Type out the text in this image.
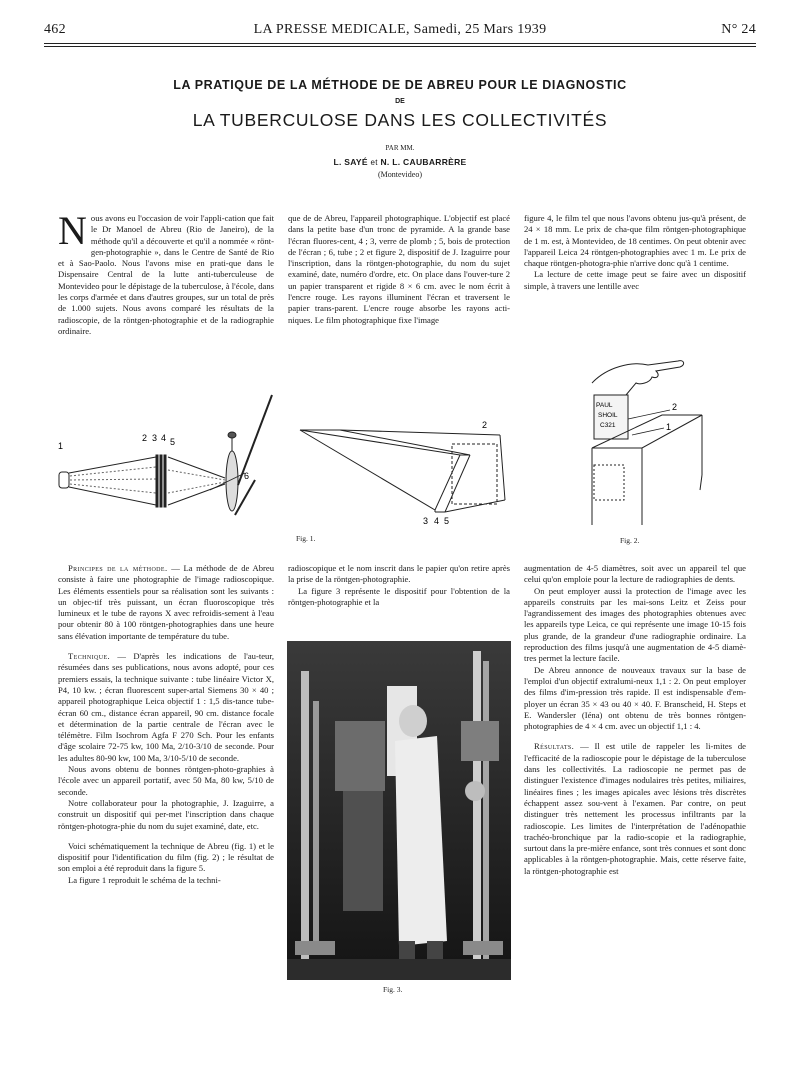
462	LA PRESSE MEDICALE, Samedi, 25 Mars 1939	N° 24
LA PRATIQUE DE LA MÉTHODE DE DE ABREU POUR LE DIAGNOSTIC
DE
LA TUBERCULOSE DANS LES COLLECTIVITÉS
PAR MM.
L. SAYÉ et N. L. CAUBARRÈRE
(Montevideo)

Nous avons eu l'occasion de voir l'appli-cation que fait le Dr Manoel de Abreu (Rio de Janeiro), de la méthode qu'il a découverte et qu'il a nommée « rönt-gen-photographie », dans le Centre de Santé de Rio et à Sao-Paolo. Nous l'avons mise en prati-que dans le Dispensaire Central de la lutte anti-tuberculeuse de Montevideo pour le dépistage de la tuberculose, à l'école, dans les corps d'armée et dans d'autres groupes, sur un total de près de 1.000 sujets. Nous avons comparé les résultats de la radioscopie, de la röntgen-photographie et de la radiographie ordinaire.

que de de Abreu, l'appareil photographique. L'objectif est placé dans la petite base d'un tronc de pyramide. A la grande base l'écran fluores-cent, 4 ; 3, verre de plomb ; 5, bois de protection de l'écran ; 6, tube ; 2 et figure 2, dispositif de J. Izaguirre pour l'inscription, dans la röntgen-photographie, du nom du sujet examiné, date, numéro d'ordre, etc. On place dans l'ouver-ture 2 un papier transparent et rigide 8 × 6 cm. avec le nom écrit à l'encre rouge. Les rayons illuminent l'écran et traversent le papier trans-parent. L'encre rouge absorbe les rayons acti-niques. Le film photographique fixe l'image

figure 4, le film tel que nous l'avons obtenu jus-qu'à présent, de 24 × 18 mm. Le prix de cha-que film röntgen-photographique de 1 m. est, à Montevideo, de 18 centimes. On peut obtenir avec l'appareil Leica 24 röntgen-photographies avec 1 m. Le prix de chaque röntgen-photogra-phie n'arrive donc qu'à 1 centime.

La lecture de cette image peut se faire avec un dispositif simple, à travers une lentille avec

1
2 3 4 5
6
2
3 4 5
Fig. 1.
PAUL
SHOIL
C321
2
1
Fig. 2.

Principes de la méthode. — La méthode de de Abreu consiste à faire une photographie de l'image radioscopique. Les éléments essentiels pour sa réalisation sont les suivants : un objec-tif très puissant, un écran fluoroscopique très lumineux et le tube de rayons X avec refroidis-sement à l'eau pour obtenir 80 à 100 röntgen-photographies dans une heure sans élévation importante de température du tube.

Technique. — D'après les indications de l'au-teur, résumées dans ses publications, nous avons adopté, pour ces premiers essais, la technique suivante : tube linéaire Victor X, P4, 10 kw. ; écran fluorescent super-artal Siemens 30 × 40 ; appareil photographique Leica objectif 1 : 1,5 dis-tance tube-écran 60 cm., distance écran appareil, 90 cm. distance focale et détermination de la partie centrale de l'écran avec le télémètre. Film Isochrom Agfa F 270 Sch. Pour les enfants d'âge scolaire 72-75 kw, 100 Ma, 2/10-3/10 de seconde. Pour les adultes 80-90 kw, 100 Ma, 3/10-5/10 de seconde.

Nous avons obtenu de bonnes röntgen-photo-graphies à l'école avec un appareil portatif, avec 50 Ma, 80 kw, 5/10 de seconde.

Notre collaborateur pour la photographie, J. Izaguirre, a construit un dispositif qui per-met l'inscription dans chaque röntgen-photogra-phie du nom du sujet examiné, date, etc.

Voici schématiquement la technique de Abreu (fig. 1) et le dispositif pour l'identification du film (fig. 2) ; le résultat de son emploi a été reproduit dans la figure 5.

La figure 1 reproduit le schéma de la techni-

radioscopique et le nom inscrit dans le papier qu'on retire après la prise de la röntgen-photographie.

La figure 3 représente le dispositif pour l'obtention de la röntgen-photographie et la

Fig. 3.

augmentation de 4-5 diamètres, soit avec un appareil tel que celui qu'on emploie pour la lecture de radiographies de dents.

On peut employer aussi la protection de l'image avec les appareils construits par les mai-sons Leitz et Zeiss pour l'agrandissement des images des photographies obtenues avec les appareils type Leica, ce qui représente une image 10-15 fois plus grande, de la grandeur d'une radiographie ordinaire. La reproduction des films jusqu'à une augmentation de 4-5 diamè-tres permet la lecture facile.

De Abreu annonce de nouveaux travaux sur la base de l'emploi d'un objectif extralumi-neux 1,1 : 2. On peut employer des films d'im-pression très rapide. Il est indispensable d'em-ployer un écran 35 × 43 ou 40 × 40. F. Branscheid, H. Steps et E. Wandersler (Iéna) ont obtenu de très bonnes röntgen-photographies de 4 × 4 cm. avec un objectif 1,1 : 4.

Résultats. — Il est utile de rappeler les li-mites de l'efficacité de la radioscopie pour le dépistage de la tuberculose dans les collectivités. La radioscopie ne permet pas de distinguer l'existence d'images nodulaires très petites, miliaires, linéaires fines ; les images apicales avec lésions très discrètes échappent assez sou-vent à l'examen. Par contre, on peut distinguer très nettement les processus infiltrants par la radioscopie. Les limites de l'interprétation de l'adénopathie trachéo-bronchique par la radio-scopie et la radiographie, surtout dans la pre-mière enfance, sont très connues et sont donc applicables à la röntgen-photographie. Mais, cette réserve faite, la röntgen-photographie est
